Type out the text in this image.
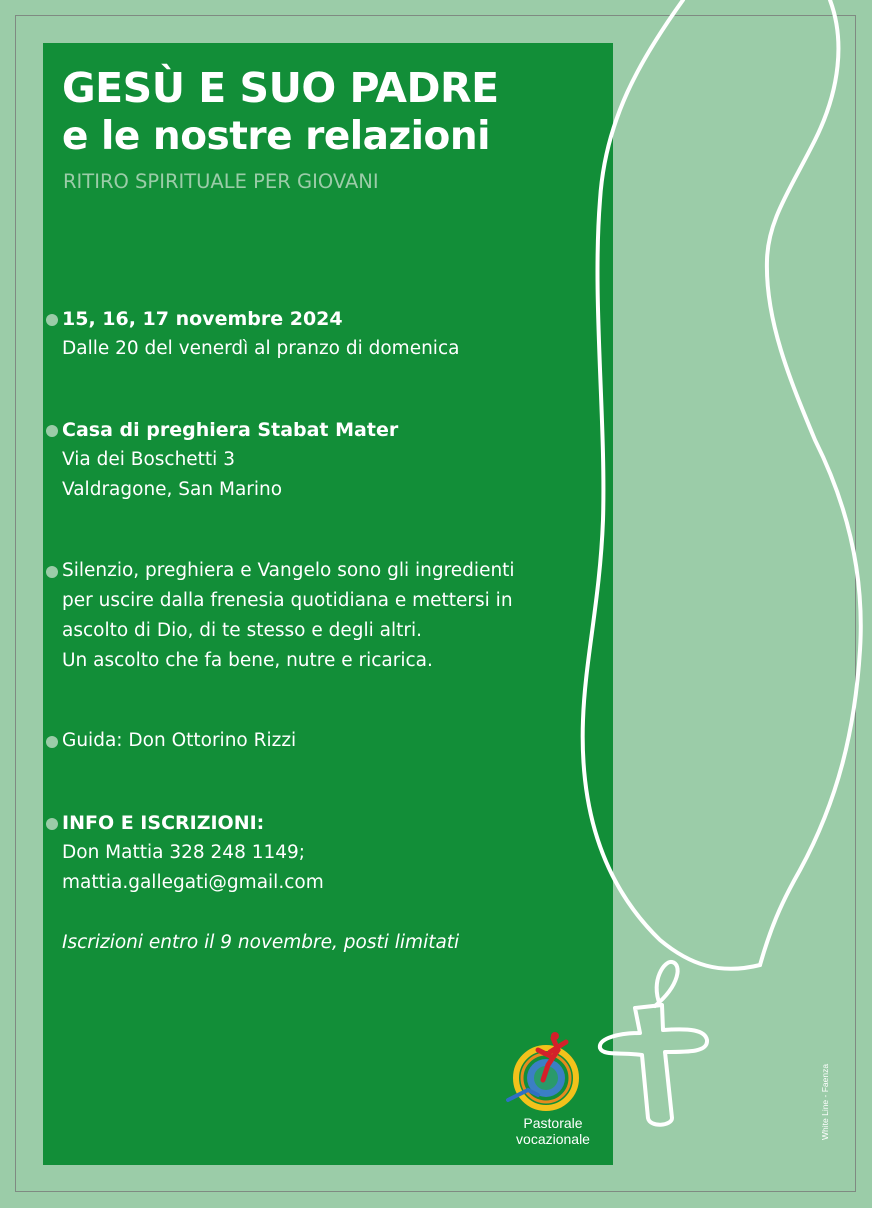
GESÙ E SUO PADRE
e le nostre relazioni
RITIRO SPIRITUALE PER GIOVANI
15, 16, 17 novembre 2024
Dalle 20 del venerdì al pranzo di domenica
Casa di preghiera Stabat Mater
Via dei Boschetti 3
Valdragone, San Marino
Silenzio, preghiera e Vangelo sono gli ingredienti
per uscire dalla frenesia quotidiana e mettersi in
ascolto di Dio, di te stesso e degli altri.
Un ascolto che fa bene, nutre e ricarica.
Guida: Don Ottorino Rizzi
INFO E ISCRIZIONI:
Don Mattia 328 248 1149;
mattia.gallegati@gmail.com
Iscrizioni entro il 9 novembre, posti limitati
Pastorale
vocazionale	White Line - Faenza
